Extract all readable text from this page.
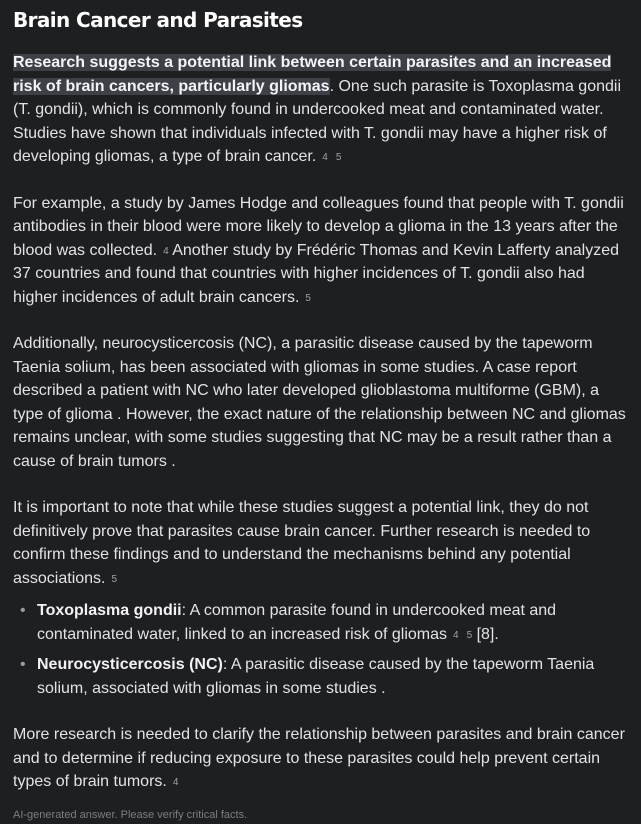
Brain Cancer and Parasites

Research suggests a potential link between certain parasites and an increased risk of brain cancers, particularly gliomas. One such parasite is Toxoplasma gondii (T. gondii), which is commonly found in undercooked meat and contaminated water. Studies have shown that individuals infected with T. gondii may have a higher risk of developing gliomas, a type of brain cancer. 4 5

For example, a study by James Hodge and colleagues found that people with T. gondii antibodies in their blood were more likely to develop a glioma in the 13 years after the blood was collected. 4 Another study by Frédéric Thomas and Kevin Lafferty analyzed 37 countries and found that countries with higher incidences of T. gondii also had higher incidences of adult brain cancers. 5

Additionally, neurocysticercosis (NC), a parasitic disease caused by the tapeworm Taenia solium, has been associated with gliomas in some studies. A case report described a patient with NC who later developed glioblastoma multiforme (GBM), a type of glioma . However, the exact nature of the relationship between NC and gliomas remains unclear, with some studies suggesting that NC may be a result rather than a cause of brain tumors .

It is important to note that while these studies suggest a potential link, they do not definitively prove that parasites cause brain cancer. Further research is needed to confirm these findings and to understand the mechanisms behind any potential associations. 5

• Toxoplasma gondii: A common parasite found in undercooked meat and contaminated water, linked to an increased risk of gliomas 4 5 [8].
• Neurocysticercosis (NC): A parasitic disease caused by the tapeworm Taenia solium, associated with gliomas in some studies .

More research is needed to clarify the relationship between parasites and brain cancer and to determine if reducing exposure to these parasites could help prevent certain types of brain tumors. 4

AI-generated answer. Please verify critical facts.
